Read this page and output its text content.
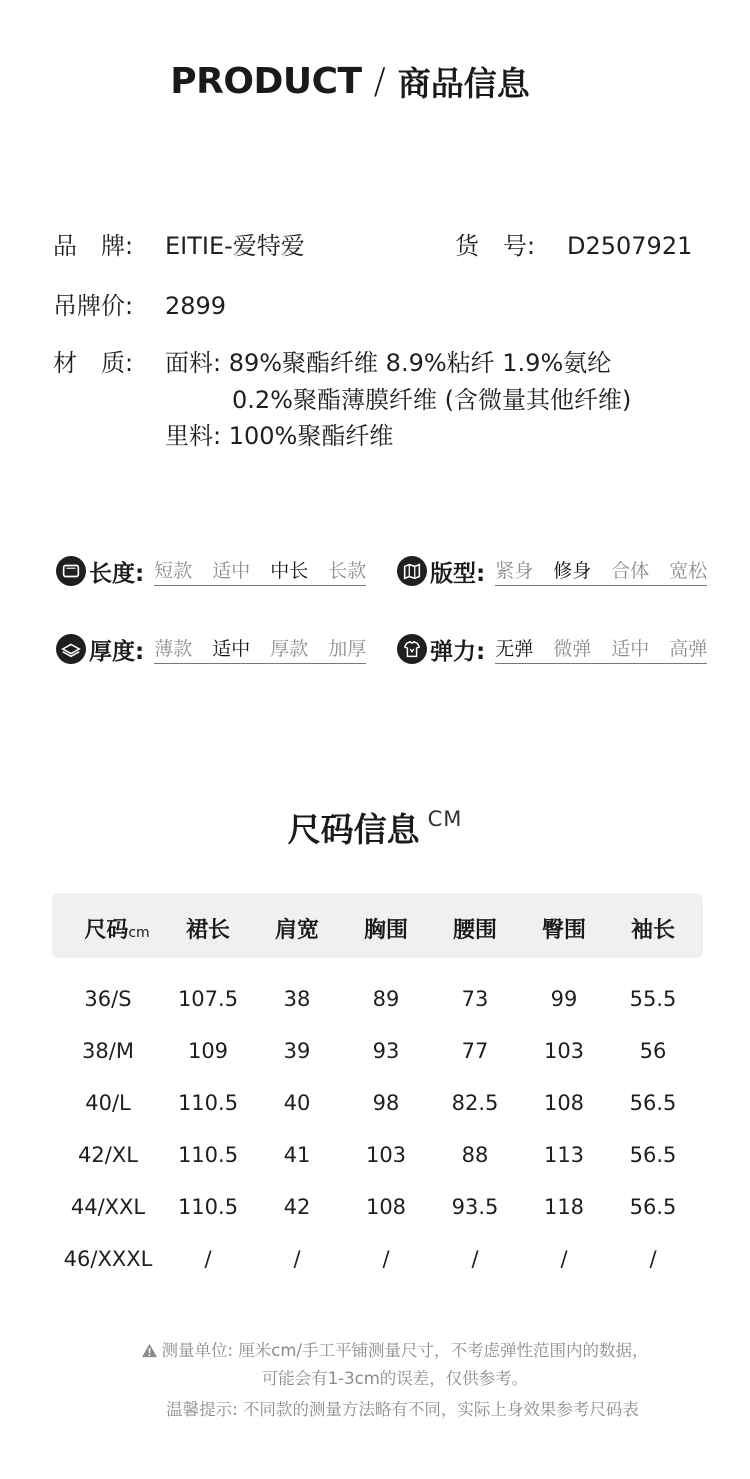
PRODUCT / 商品信息
品　牌: EITIE-爱特爱	货　号: D2507921
吊牌价: 2899
材　质: 面料: 89%聚酯纤维 8.9%粘纤 1.9%氨纶
0.2%聚酯薄膜纤维 (含微量其他纤维)
里料: 100%聚酯纤维
长度: 短款 适中 中长 长款	版型: 紧身 修身 合体 宽松
厚度: 薄款 适中 厚款 加厚	弹力: 无弹 微弹 适中 高弹
尺码信息 CM
尺码cm	裙长	肩宽	胸围	腰围	臀围	袖长
36/S	107.5	38	89	73	99	55.5
38/M	109	39	93	77	103	56
40/L	110.5	40	98	82.5	108	56.5
42/XL	110.5	41	103	88	113	56.5
44/XXL	110.5	42	108	93.5	118	56.5
46/XXXL	/	/	/	/	/	/
测量单位: 厘米cm/手工平铺测量尺寸，不考虑弹性范围内的数据，
可能会有1-3cm的误差，仅供参考。
温馨提示: 不同款的测量方法略有不同，实际上身效果参考尺码表
